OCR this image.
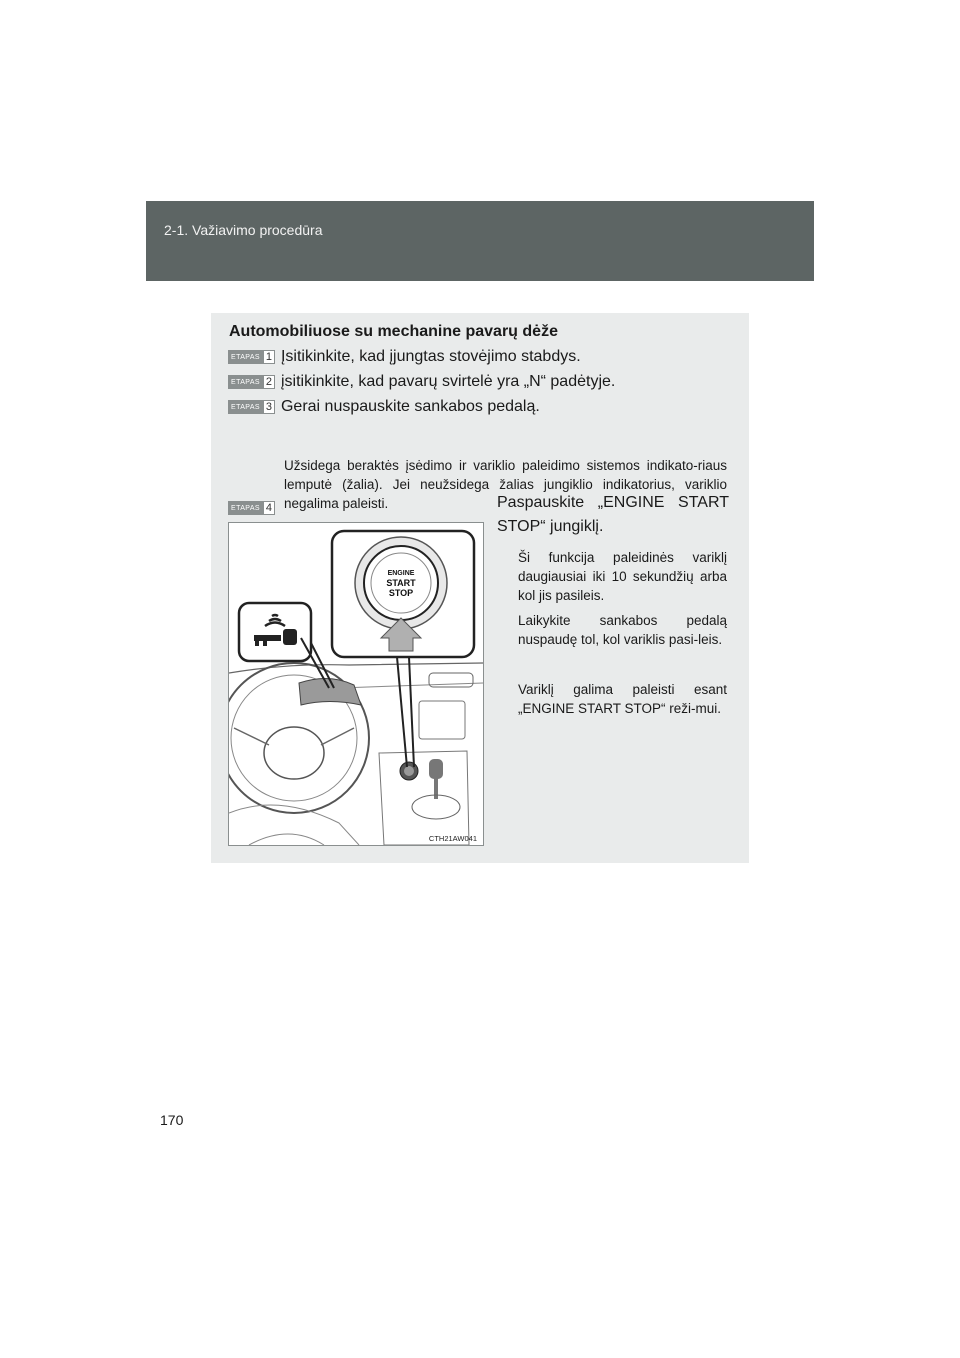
2-1. Važiavimo procedūra
Automobiliuose su mechanine pavarų dėže
ETAPAS 1 Įsitikinkite, kad įjungtas stovėjimo stabdys.
ETAPAS 2 įsitikinkite, kad pavarų svirtelė yra „N“ padėtyje.
ETAPAS 3 Gerai nuspauskite sankabos pedalą.
Užsidega beraktės įsėdimo ir variklio paleidimo sistemos indikato-riaus lemputė (žalia). Jei neužsidega žalias jungiklio indikatorius, variklio negalima paleisti.
ETAPAS 4
ENGINE
START
STOP
CTH21AW041
Paspauskite „ENGINE START STOP“ jungiklį.
Ši funkcija paleidinės variklį daugiausiai iki 10 sekundžių arba kol jis pasileis.
Laikykite sankabos pedalą nuspaudę tol, kol variklis pasi-leis.
Variklį galima paleisti esant „ENGINE START STOP“ reži-mui.
170
